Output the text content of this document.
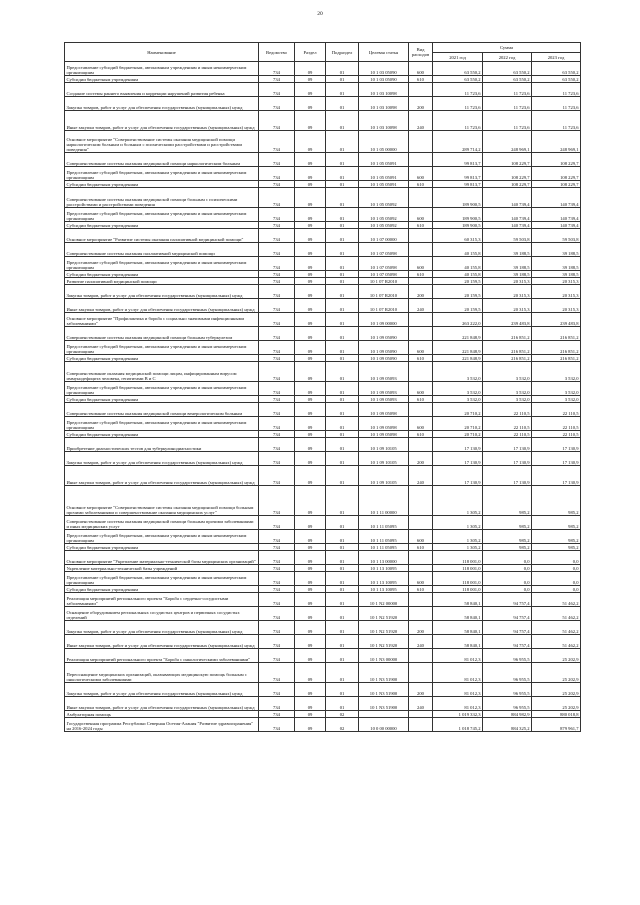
20
Наименование	Ведомство	Раздел	Подраздел	Целевая статья	Вид расходов	Сумма		
						2021 год	2022 год	2023 год
Предоставление субсидий бюджетным, автономным учреждениям и иным некоммерческим организациям	734	09	01	10 1 03 05090	600	63 550,2	63 550,2	63 550,2
Субсидии бюджетным учреждениям	734	09	01	10 1 03 05090	610	63 550,2	63 550,2	63 550,2
Создание системы раннего выявления и коррекции нарушений развития ребенка	734	09	01	10 1 03 10098		11 723,6	11 723,6	11 723,6
Закупка товаров, работ и услуг для обеспечения государственных (муниципальных) нужд	734	09	01	10 1 03 10098	200	11 723,6	11 723,6	11 723,6
Иные закупки товаров, работ и услуг для обеспечения государственных (муниципальных) нужд	734	09	01	10 1 03 10098	240	11 723,6	11 723,6	11 723,6
Основное мероприятие "Совершенствование системы оказания медицинской помощи наркологическим больным и больным с психическими расстройствами и расстройствами поведения"	734	09	01	10 1 05 00000		289 714,2	248 969,1	248 969,1
Совершенствование системы оказания медицинской помощи наркологическим больным	734	09	01	10 1 05 05091		99 813,7	108 229,7	108 229,7
Предоставление субсидий бюджетным, автономным учреждениям и иным некоммерческим организациям	734	09	01	10 1 05 05091	600	99 813,7	108 229,7	108 229,7
Субсидии бюджетным учреждениям	734	09	01	10 1 05 05091	610	99 813,7	108 229,7	108 229,7
Совершенствование системы оказания медицинской помощи больным с психическими расстройствами и расстройствами поведения	734	09	01	10 1 05 05092		189 900,5	140 739,4	140 739,4
Предоставление субсидий бюджетным, автономным учреждениям и иным некоммерческим организациям	734	09	01	10 1 05 05092	600	189 900,5	140 739,4	140 739,4
Субсидии бюджетным учреждениям	734	09	01	10 1 05 05092	610	189 900,5	140 739,4	140 739,4
Основное мероприятие "Развитие системы оказания паллиативной медицинской помощи"	734	09	01	10 1 07 00000		60 315,3	59 503,8	59 503,8
Совершенствование системы оказания паллиативной медицинской помощи	734	09	01	10 1 07 05098		40 155,8	39 188,5	39 188,5
Предоставление субсидий бюджетным, автономным учреждениям и иным некоммерческим организациям	734	09	01	10 1 07 05098	600	40 155,8	39 188,5	39 188,5
Субсидии бюджетным учреждениям	734	09	01	10 1 07 05098	610	40 155,8	39 188,5	39 188,5
Развитие паллиативной медицинской помощи	734	09	01	10 1 07 R2010		20 159,5	20 315,3	20 315,3
Закупка товаров, работ и услуг для обеспечения государственных (муниципальных) нужд	734	09	01	10 1 07 R2010	200	20 159,5	20 315,3	20 315,3
Иные закупки товаров, работ и услуг для обеспечения государственных (муниципальных) нужд	734	09	01	10 1 07 R2010	240	20 159,5	20 315,3	20 315,3
Основное мероприятие "Профилактика и борьба с социально значимыми инфекционными заболеваниями"	734	09	01	10 1 09 00000		263 222,0	239 483,8	239 483,8
Совершенствование системы оказания медицинской помощи больным туберкулезом	734	09	01	10 1 09 05090		221 848,9	216 851,2	216 851,2
Предоставление субсидий бюджетным, автономным учреждениям и иным некоммерческим организациям	734	09	01	10 1 09 05090	600	221 848,9	216 851,2	216 851,2
Субсидии бюджетным учреждениям	734	09	01	10 1 09 05090	610	221 848,9	216 851,2	216 851,2
Совершенствование оказания медицинской помощи лицам, инфицированным вирусом иммунодефицита человека, гепатитами В и С	734	09	01	10 1 09 05093		3 532,0	3 532,0	3 532,0
Предоставление субсидий бюджетным, автономным учреждениям и иным некоммерческим организациям	734	09	01	10 1 09 05093	600	3 532,0	3 532,0	3 532,0
Субсидии бюджетным учреждениям	734	09	01	10 1 09 05093	610	3 532,0	3 532,0	3 532,0
Совершенствование системы оказания медицинской помощи венерологическим больным	734	09	01	10 1 09 05098		20 710,2	22 110,5	22 110,5
Предоставление субсидий бюджетным, автономным учреждениям и иным некоммерческим организациям	734	09	01	10 1 09 05098	600	20 710,2	22 110,5	22 110,5
Субсидии бюджетным учреждениям	734	09	01	10 1 09 05098	610	20 710,2	22 110,5	22 110,5
Приобретение диагностических тестов для туберкулинодиагностики	734	09	01	10 1 09 10105		17 130,9	17 130,9	17 130,9
Закупка товаров, работ и услуг для обеспечения государственных (муниципальных) нужд	734	09	01	10 1 09 10105	200	17 130,9	17 130,9	17 130,9
Иные закупки товаров, работ и услуг для обеспечения государственных (муниципальных) нужд	734	09	01	10 1 09 10105	240	17 130,9	17 130,9	17 130,9
Основное мероприятие "Совершенствование системы оказания медицинской помощи больным прочими заболеваниями и совершенствование оказания медицинских услуг"	734	09	01	10 1 11 00000		1 305,2	985,2	985,2
Совершенствование системы оказания медицинской помощи больным прочими заболеваниями и иных медицинских услуг	734	09	01	10 1 11 05095		1 305,2	985,2	985,2
Предоставление субсидий бюджетным, автономным учреждениям и иным некоммерческим организациям	734	09	01	10 1 11 05095	600	1 305,2	985,2	985,2
Субсидии бюджетным учреждениям	734	09	01	10 1 11 05095	610	1 305,2	985,2	985,2
Основное мероприятие "Укрепление материально-технической базы медицинских организаций"	734	09	01	10 1 13 00000		118 001,0	0,0	0,0
Укрепление материально-технической базы учреждений	734	09	01	10 1 13 10095		118 001,0	0,0	0,0
Предоставление субсидий бюджетным, автономным учреждениям и иным некоммерческим организациям	734	09	01	10 1 13 10095	600	118 001,0	0,0	0,0
Субсидии бюджетным учреждениям	734	09	01	10 1 13 10095	610	118 001,0	0,0	0,0
Реализация мероприятий регионального проекта "Борьба с сердечно-сосудистыми заболеваниями"	734	09	01	10 1 N2 00000		58 840,1	94 757,4	51 462,2
Оснащение оборудованием региональных сосудистых центров и первичных сосудистых отделений	734	09	01	10 1 N2 51920		58 840,1	94 757,4	51 462,2
Закупка товаров, работ и услуг для обеспечения государственных (муниципальных) нужд	734	09	01	10 1 N2 51920	200	58 840,1	94 757,4	51 462,2
Иные закупки товаров, работ и услуг для обеспечения государственных (муниципальных) нужд	734	09	01	10 1 N2 51920	240	58 840,1	94 757,4	51 462,2
Реализация мероприятий регионального проекта "Борьба с онкологическими заболеваниями"	734	09	01	10 1 N3 00000		81 012,3	96 955,5	25 202,9
Переоснащение медицинских организаций, оказывающих медицинскую помощь больным с онкологическими заболеваниями	734	09	01	10 1 N3 51900		81 012,3	96 955,5	25 202,9
Закупка товаров, работ и услуг для обеспечения государственных (муниципальных) нужд	734	09	01	10 1 N3 51900	200	81 012,3	96 955,5	25 202,9
Иные закупки товаров, работ и услуг для обеспечения государственных (муниципальных) нужд	734	09	01	10 1 N3 51900	240	81 012,3	96 955,5	25 202,9
Амбулаторная помощь	734	09	02			1 019 332,3	884 982,9	880 018,8
Государственная программа Республики Северная Осетия-Алания "Развитие здравоохранения" на 2016-2024 годы	734	09	02	10 0 00 00000		1 018 745,2	884 325,2	879 961,7
